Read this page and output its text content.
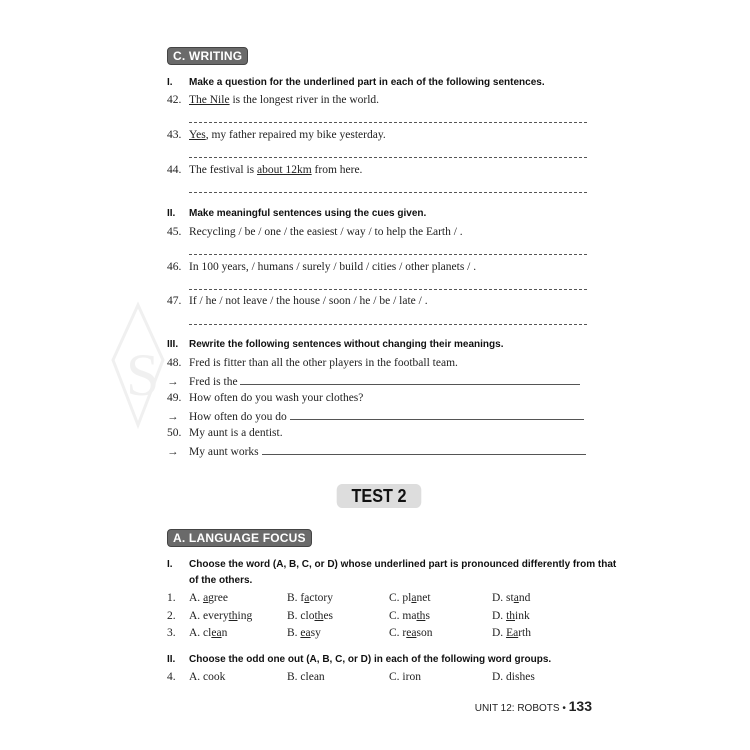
S
C. WRITING
I. Make a question for the underlined part in each of the following sentences.
42. The Nile is the longest river in the world.
43. Yes, my father repaired my bike yesterday.
44. The festival is about 12km from here.
II. Make meaningful sentences using the cues given.
45. Recycling / be / one / the easiest / way / to help the Earth / .
46. In 100 years, / humans / surely / build / cities / other planets / .
47. If / he / not leave / the house / soon / he / be / late / .
III. Rewrite the following sentences without changing their meanings.
48. Fred is fitter than all the other players in the football team.
→ Fred is the
49. How often do you wash your clothes?
→ How often do you do
50. My aunt is a dentist.
→ My aunt works
TEST 2
A. LANGUAGE FOCUS
I. Choose the word (A, B, C, or D) whose underlined part is pronounced differently from that
of the others.
1. A. agree	B. factory	C. planet	D. stand
2. A. everything	B. clothes	C. maths	D. think
3. A. clean	B. easy	C. reason	D. Earth
4. A. cook	B. clean	C. iron	D. dishes
II. Choose the odd one out (A, B, C, or D) in each of the following word groups.
UNIT 12: ROBOTS • 133
